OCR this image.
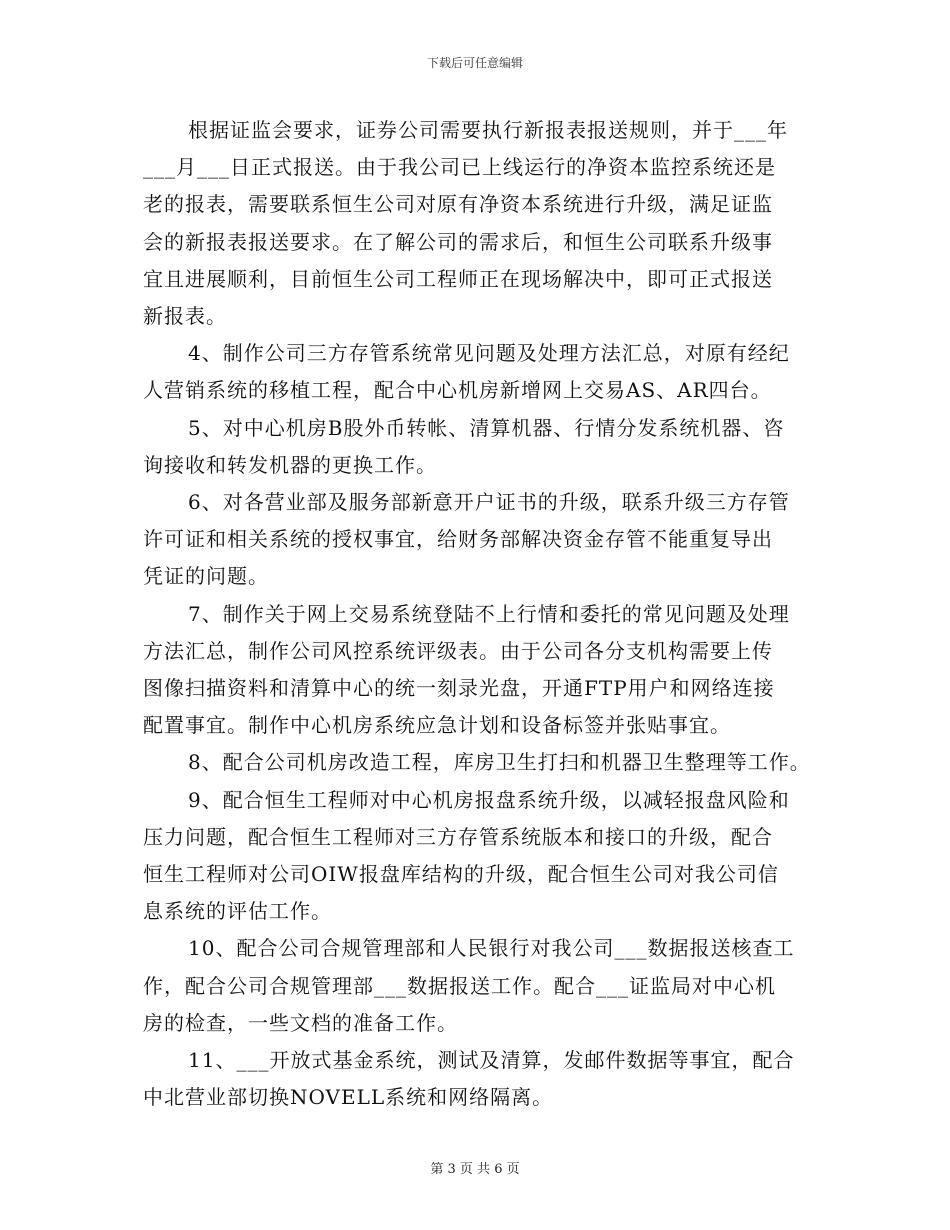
下载后可任意编辑

根据证监会要求，证券公司需要执行新报表报送规则，并于___年
___月___日正式报送。由于我公司已上线运行的净资本监控系统还是
老的报表，需要联系恒生公司对原有净资本系统进行升级，满足证监
会的新报表报送要求。在了解公司的需求后，和恒生公司联系升级事
宜且进展顺利，目前恒生公司工程师正在现场解决中，即可正式报送
新报表。

4、制作公司三方存管系统常见问题及处理方法汇总，对原有经纪
人营销系统的移植工程，配合中心机房新增网上交易AS、AR四台。

5、对中心机房B股外币转帐、清算机器、行情分发系统机器、咨
询接收和转发机器的更换工作。

6、对各营业部及服务部新意开户证书的升级，联系升级三方存管
许可证和相关系统的授权事宜，给财务部解决资金存管不能重复导出
凭证的问题。

7、制作关于网上交易系统登陆不上行情和委托的常见问题及处理
方法汇总，制作公司风控系统评级表。由于公司各分支机构需要上传
图像扫描资料和清算中心的统一刻录光盘，开通FTP用户和网络连接
配置事宜。制作中心机房系统应急计划和设备标签并张贴事宜。

8、配合公司机房改造工程，库房卫生打扫和机器卫生整理等工作。

9、配合恒生工程师对中心机房报盘系统升级，以减轻报盘风险和
压力问题，配合恒生工程师对三方存管系统版本和接口的升级，配合
恒生工程师对公司OIW报盘库结构的升级，配合恒生公司对我公司信
息系统的评估工作。

10、配合公司合规管理部和人民银行对我公司___数据报送核查工
作，配合公司合规管理部___数据报送工作。配合___证监局对中心机
房的检查，一些文档的准备工作。

11、___开放式基金系统，测试及清算，发邮件数据等事宜，配合
中北营业部切换NOVELL系统和网络隔离。

第 3 页 共 6 页
